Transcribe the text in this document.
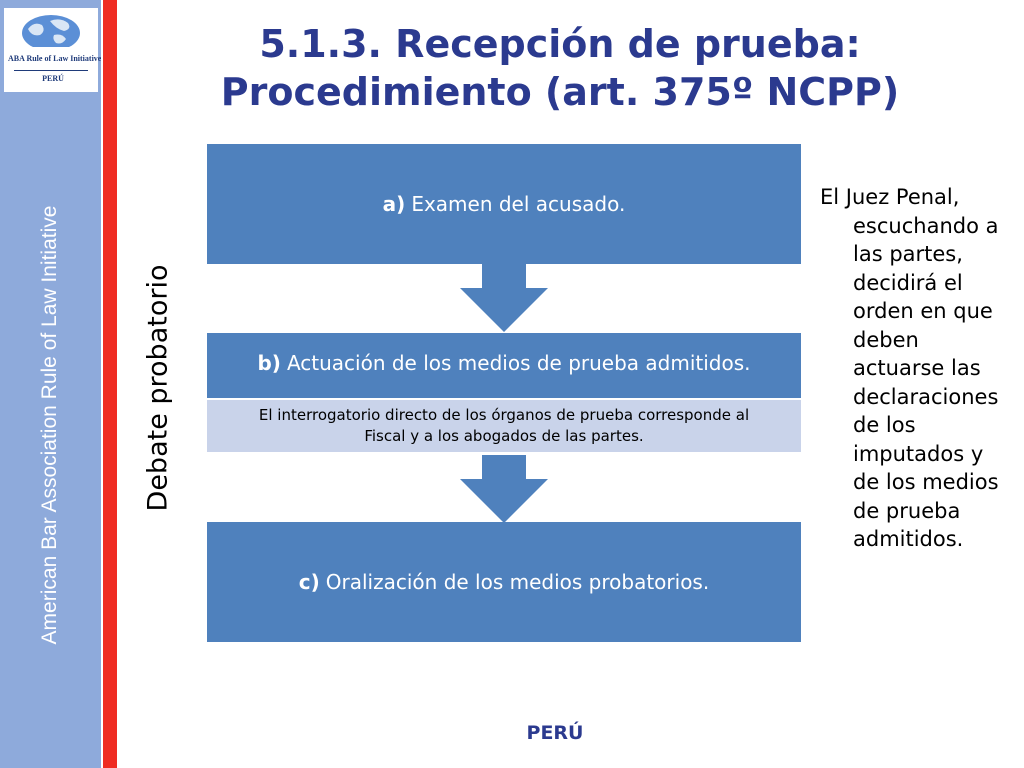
ABA Rule of Law Initiative
PERÚ
American Bar Association Rule of Law Initiative
5.1.3. Recepción de prueba:
Procedimiento (art. 375º NCPP)
Debate probatorio
a) Examen del acusado.
b) Actuación de los medios de prueba admitidos.
c) Oralización de los medios probatorios.
El interrogatorio directo de los órganos de prueba corresponde al Fiscal y a los abogados de las partes.
El Juez Penal, escuchando a las partes, decidirá el orden en que deben actuarse las declaraciones de los imputados y de los medios de prueba admitidos.
PERÚ
